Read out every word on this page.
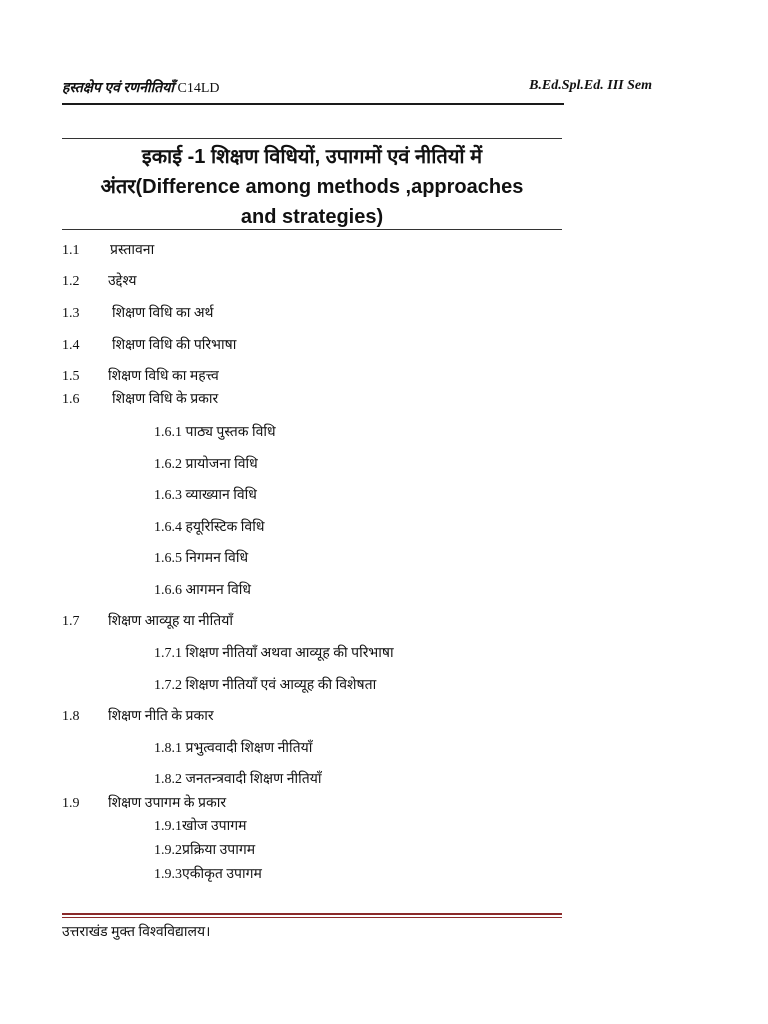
हस्तक्षेप एवं रणनीतियाँ C14LD	B.Ed.Spl.Ed. III Sem
इकाई -1 शिक्षण विधियों, उपागमों एवं नीतियों में
अंतर(Difference among methods ,approaches
and strategies)
1.1 प्रस्तावना
1.2 उद्देश्य
1.3 शिक्षण विधि का अर्थ
1.4 शिक्षण विधि की परिभाषा
1.5 शिक्षण विधि का महत्त्व
1.6 शिक्षण विधि के प्रकार
1.6.1 पाठ्य पुस्तक विधि
1.6.2 प्रायोजना विधि
1.6.3 व्याख्यान विधि
1.6.4 हयूरिस्टिक विधि
1.6.5 निगमन विधि
1.6.6 आगमन विधि
1.7 शिक्षण आव्यूह या नीतियाँ
1.7.1 शिक्षण नीतियाँ अथवा आव्यूह की परिभाषा
1.7.2 शिक्षण नीतियाँ एवं आव्यूह की विशेषता
1.8 शिक्षण नीति के प्रकार
1.8.1 प्रभुत्ववादी शिक्षण नीतियाँ
1.8.2 जनतन्त्रवादी शिक्षण नीतियाँ
1.9 शिक्षण उपागम के प्रकार
1.9.1खोज उपागम
1.9.2प्रक्रिया उपागम
1.9.3एकीकृत उपागम
उत्तराखंड मुक्त विश्वविद्यालय।
